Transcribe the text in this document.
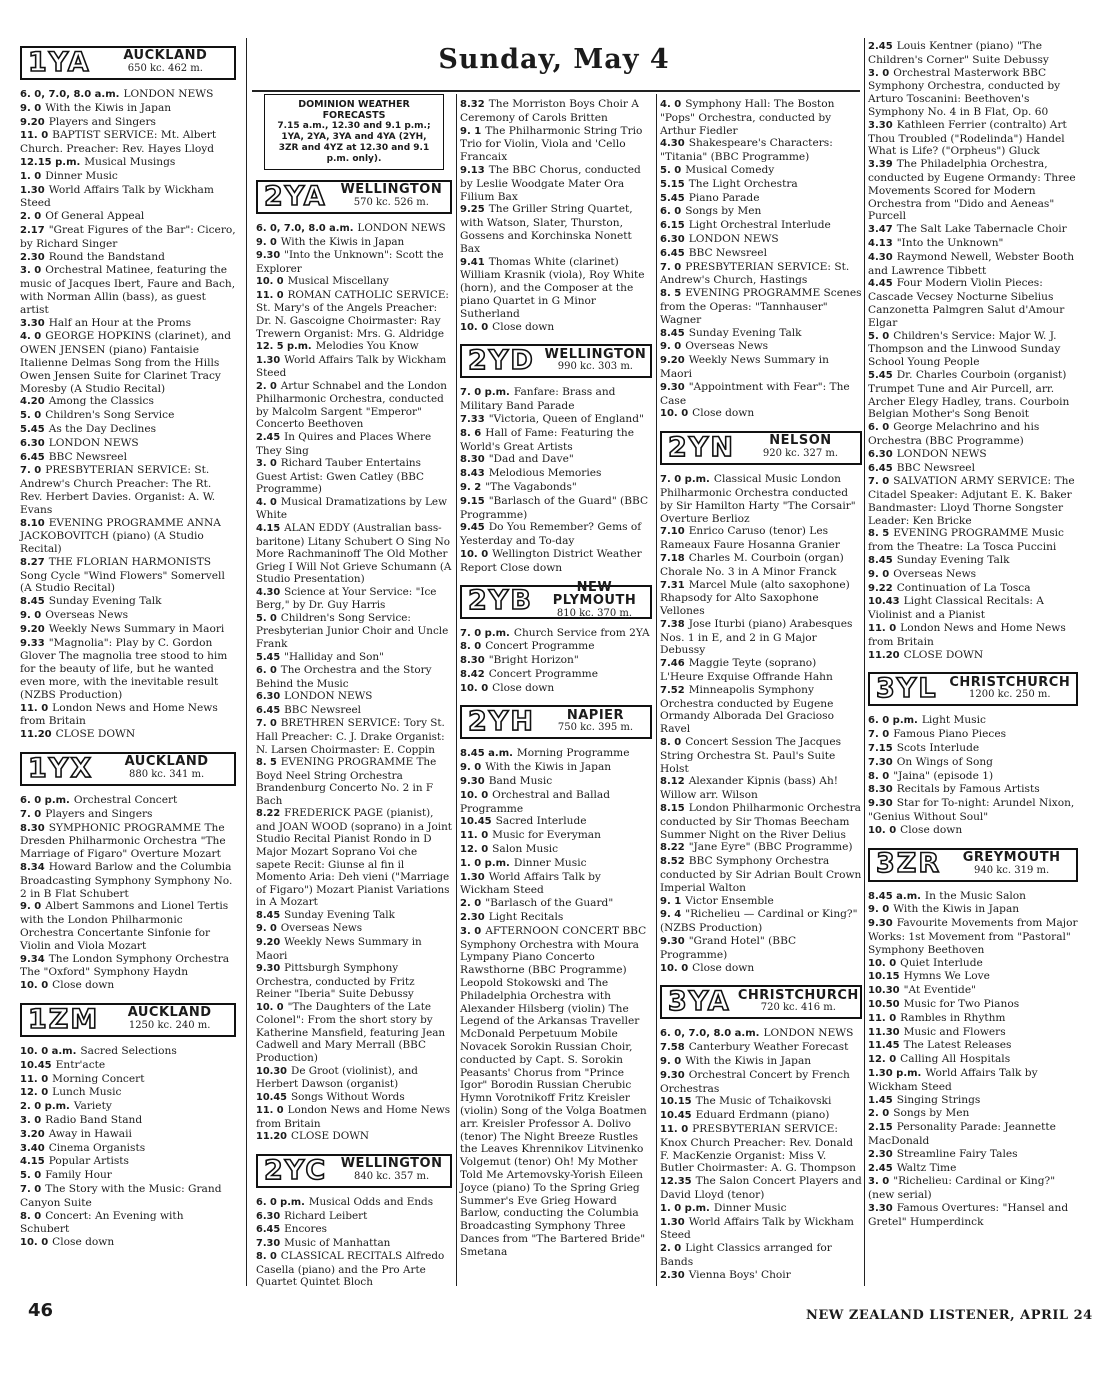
Sunday, May 4
1YA	AUCKLAND
650 kc. 462 m.

6. 0, 7.0, 8.0 a.m. LONDON NEWS

9. 0 With the Kiwis in Japan

9.20 Players and Singers

11. 0 BAPTIST SERVICE: Mt. Albert Church. Preacher: Rev. Hayes Lloyd

12.15 p.m. Musical Musings

1. 0 Dinner Music

1.30 World Affairs Talk by Wickham Steed

2. 0 Of General Appeal

2.17 "Great Figures of the Bar": Cicero, by Richard Singer

2.30 Round the Bandstand

3. 0 Orchestral Matinee, featuring the music of Jacques Ibert, Faure and Bach, with Norman Allin (bass), as guest artist

3.30 Half an Hour at the Proms

4. 0 GEORGE HOPKINS (clarinet), and OWEN JENSEN (piano) Fantaisie Italienne Delmas Song from the Hills Owen Jensen Suite for Clarinet Tracy Moresby (A Studio Recital)

4.20 Among the Classics

5. 0 Children's Song Service

5.45 As the Day Declines

6.30 LONDON NEWS

6.45 BBC Newsreel

7. 0 PRESBYTERIAN SERVICE: St. Andrew's Church Preacher: The Rt. Rev. Herbert Davies. Organist: A. W. Evans

8.10 EVENING PROGRAMME ANNA JACKOBOVITCH (piano) (A Studio Recital)

8.27 THE FLORIAN HARMONISTS Song Cycle "Wind Flowers" Somervell (A Studio Recital)

8.45 Sunday Evening Talk

9. 0 Overseas News

9.20 Weekly News Summary in Maori

9.33 "Magnolia": Play by C. Gordon Glover The magnolia tree stood to him for the beauty of life, but he wanted even more, with the inevitable result (NZBS Production)

11. 0 London News and Home News from Britain

11.20 CLOSE DOWN

1YX	AUCKLAND
880 kc. 341 m.

6. 0 p.m. Orchestral Concert

7. 0 Players and Singers

8.30 SYMPHONIC PROGRAMME The Dresden Philharmonic Orchestra "The Marriage of Figaro" Overture Mozart

8.34 Howard Barlow and the Columbia Broadcasting Symphony Symphony No. 2 in B Flat Schubert

9. 0 Albert Sammons and Lionel Tertis with the London Philharmonic Orchestra Concertante Sinfonie for Violin and Viola Mozart

9.34 The London Symphony Orchestra The "Oxford" Symphony Haydn

10. 0 Close down

1ZM	AUCKLAND
1250 kc. 240 m.

10. 0 a.m. Sacred Selections

10.45 Entr'acte

11. 0 Morning Concert

12. 0 Lunch Music

2. 0 p.m. Variety

3. 0 Radio Band Stand

3.20 Away in Hawaii

3.40 Cinema Organists

4.15 Popular Artists

5. 0 Family Hour

7. 0 The Story with the Music: Grand Canyon Suite

8. 0 Concert: An Evening with Schubert

10. 0 Close down

DOMINION WEATHER FORECASTS
7.15 a.m., 12.30 and 9.1 p.m.; 1YA, 2YA, 3YA and 4YA (2YH, 3ZR and 4YZ at 12.30 and 9.1 p.m. only).
2YA	WELLINGTON
570 kc. 526 m.

6. 0, 7.0, 8.0 a.m. LONDON NEWS

9. 0 With the Kiwis in Japan

9.30 "Into the Unknown": Scott the Explorer

10. 0 Musical Miscellany

11. 0 ROMAN CATHOLIC SERVICE: St. Mary's of the Angels Preacher: Dr. N. Gascoigne Choirmaster: Ray Trewern Organist: Mrs. G. Aldridge

12. 5 p.m. Melodies You Know

1.30 World Affairs Talk by Wickham Steed

2. 0 Artur Schnabel and the London Philharmonic Orchestra, conducted by Malcolm Sargent "Emperor" Concerto Beethoven

2.45 In Quires and Places Where They Sing

3. 0 Richard Tauber Entertains Guest Artist: Gwen Catley (BBC Programme)

4. 0 Musical Dramatizations by Lew White

4.15 ALAN EDDY (Australian bass-baritone) Litany Schubert O Sing No More Rachmaninoff The Old Mother Grieg I Will Not Grieve Schumann (A Studio Presentation)

4.30 Science at Your Service: "Ice Berg," by Dr. Guy Harris

5. 0 Children's Song Service: Presbyterian Junior Choir and Uncle Frank

5.45 "Halliday and Son"

6. 0 The Orchestra and the Story Behind the Music

6.30 LONDON NEWS

6.45 BBC Newsreel

7. 0 BRETHREN SERVICE: Tory St. Hall Preacher: C. J. Drake Organist: N. Larsen Choirmaster: E. Coppin

8. 5 EVENING PROGRAMME The Boyd Neel String Orchestra Brandenburg Concerto No. 2 in F Bach

8.22 FREDERICK PAGE (pianist), and JOAN WOOD (soprano) in a Joint Studio Recital Pianist Rondo in D Major Mozart Soprano Voi che sapete Recit: Giunse al fin il Momento Aria: Deh vieni ("Marriage of Figaro") Mozart Pianist Variations in A Mozart

8.45 Sunday Evening Talk

9. 0 Overseas News

9.20 Weekly News Summary in Maori

9.30 Pittsburgh Symphony Orchestra, conducted by Fritz Reiner "Iberia" Suite Debussy

10. 0 "The Daughters of the Late Colonel": From the short story by Katherine Mansfield, featuring Jean Cadwell and Mary Merrall (BBC Production)

10.30 De Groot (violinist), and Herbert Dawson (organist)

10.45 Songs Without Words

11. 0 London News and Home News from Britain

11.20 CLOSE DOWN

2YC	WELLINGTON
840 kc. 357 m.

6. 0 p.m. Musical Odds and Ends

6.30 Richard Leibert

6.45 Encores

7.30 Music of Manhattan

8. 0 CLASSICAL RECITALS Alfredo Casella (piano) and the Pro Arte Quartet Quintet Bloch

8.32 The Morriston Boys Choir A Ceremony of Carols Britten

9. 1 The Philharmonic String Trio Trio for Violin, Viola and 'Cello Francaix

9.13 The BBC Chorus, conducted by Leslie Woodgate Mater Ora Filium Bax

9.25 The Griller String Quartet, with Watson, Slater, Thurston, Gossens and Korchinska Nonett Bax

9.41 Thomas White (clarinet) William Krasnik (viola), Roy White (horn), and the Composer at the piano Quartet in G Minor Sutherland

10. 0 Close down

2YD WELLINGTON
990 kc. 303 m.

7. 0 p.m. Fanfare: Brass and Military Band Parade

7.33 "Victoria, Queen of England"

8. 6 Hall of Fame: Featuring the World's Great Artists

8.30 "Dad and Dave"

8.43 Melodious Memories

9. 2 "The Vagabonds"

9.15 "Barlasch of the Guard" (BBC Programme)

9.45 Do You Remember? Gems of Yesterday and To-day

10. 0 Wellington District Weather Report Close down

2YB	NEW PLYMOUTH
810 kc. 370 m.

7. 0 p.m. Church Service from 2YA

8. 0 Concert Programme

8.30 "Bright Horizon"

8.42 Concert Programme

10. 0 Close down

2YH	NAPIER
750 kc. 395 m.

8.45 a.m. Morning Programme

9. 0 With the Kiwis in Japan

9.30 Band Music

10. 0 Orchestral and Ballad Programme

10.45 Sacred Interlude

11. 0 Music for Everyman

12. 0 Salon Music

1. 0 p.m. Dinner Music

1.30 World Affairs Talk by Wickham Steed

2. 0 "Barlasch of the Guard"

2.30 Light Recitals

3. 0 AFTERNOON CONCERT BBC Symphony Orchestra with Moura Lympany Piano Concerto Rawsthorne (BBC Programme) Leopold Stokowski and The Philadelphia Orchestra with Alexander Hilsberg (violin) The Legend of the Arkansas Traveller McDonald Perpetuum Mobile Novacek Sorokin Russian Choir, conducted by Capt. S. Sorokin Peasants' Chorus from "Prince Igor" Borodin Russian Cherubic Hymn Vorotnikoff Fritz Kreisler (violin) Song of the Volga Boatmen arr. Kreisler Professor A. Dolivo (tenor) The Night Breeze Rustles the Leaves Khrennikov Litvinenko Volgemut (tenor) Oh! My Mother Told Me Artemovsky-Yorish Eileen Joyce (piano) To the Spring Grieg Summer's Eve Grieg Howard Barlow, conducting the Columbia Broadcasting Symphony Three Dances from "The Bartered Bride" Smetana

4. 0 Symphony Hall: The Boston "Pops" Orchestra, conducted by Arthur Fiedler

4.30 Shakespeare's Characters: "Titania" (BBC Programme)

5. 0 Musical Comedy

5.15 The Light Orchestra

5.45 Piano Parade

6. 0 Songs by Men

6.15 Light Orchestral Interlude

6.30 LONDON NEWS

6.45 BBC Newsreel

7. 0 PRESBYTERIAN SERVICE: St. Andrew's Church, Hastings

8. 5 EVENING PROGRAMME Scenes from the Operas: "Tannhauser" Wagner

8.45 Sunday Evening Talk

9. 0 Overseas News

9.20 Weekly News Summary in Maori

9.30 "Appointment with Fear": The Case

10. 0 Close down

2YN	NELSON
920 kc. 327 m.

7. 0 p.m. Classical Music London Philharmonic Orchestra conducted by Sir Hamilton Harty "The Corsair" Overture Berlioz

7.10 Enrico Caruso (tenor) Les Rameaux Faure Hosanna Granier

7.18 Charles M. Courboin (organ) Chorale No. 3 in A Minor Franck

7.31 Marcel Mule (alto saxophone) Rhapsody for Alto Saxophone Vellones

7.38 Jose Iturbi (piano) Arabesques Nos. 1 in E, and 2 in G Major Debussy

7.46 Maggie Teyte (soprano) L'Heure Exquise Offrande Hahn

7.52 Minneapolis Symphony Orchestra conducted by Eugene Ormandy Alborada Del Gracioso Ravel

8. 0 Concert Session The Jacques String Orchestra St. Paul's Suite Holst

8.12 Alexander Kipnis (bass) Ah! Willow arr. Wilson

8.15 London Philharmonic Orchestra conducted by Sir Thomas Beecham Summer Night on the River Delius

8.22 "Jane Eyre" (BBC Programme)

8.52 BBC Symphony Orchestra conducted by Sir Adrian Boult Crown Imperial Walton

9. 1 Victor Ensemble

9. 4 "Richelieu — Cardinal or King?" (NZBS Production)

9.30 "Grand Hotel" (BBC Programme)

10. 0 Close down

3YA CHRISTCHURCH
720 kc. 416 m.

6. 0, 7.0, 8.0 a.m. LONDON NEWS

7.58 Canterbury Weather Forecast

9. 0 With the Kiwis in Japan

9.30 Orchestral Concert by French Orchestras

10.15 The Music of Tchaikovski

10.45 Eduard Erdmann (piano)

11. 0 PRESBYTERIAN SERVICE: Knox Church Preacher: Rev. Donald F. MacKenzie Organist: Miss V. Butler Choirmaster: A. G. Thompson

12.35 The Salon Concert Players and David Lloyd (tenor)

1. 0 p.m. Dinner Music

1.30 World Affairs Talk by Wickham Steed

2. 0 Light Classics arranged for Bands

2.30 Vienna Boys' Choir

2.45 Louis Kentner (piano) "The Children's Corner" Suite Debussy

3. 0 Orchestral Masterwork BBC Symphony Orchestra, conducted by Arturo Toscanini: Beethoven's Symphony No. 4 in B Flat, Op. 60

3.30 Kathleen Ferrier (contralto) Art Thou Troubled ("Rodelinda") Handel What is Life? ("Orpheus") Gluck

3.39 The Philadelphia Orchestra, conducted by Eugene Ormandy: Three Movements Scored for Modern Orchestra from "Dido and Aeneas" Purcell

3.47 The Salt Lake Tabernacle Choir

4.13 "Into the Unknown"

4.30 Raymond Newell, Webster Booth and Lawrence Tibbett

4.45 Four Modern Violin Pieces: Cascade Vecsey Nocturne Sibelius Canzonetta Palmgren Salut d'Amour Elgar

5. 0 Children's Service: Major W. J. Thompson and the Linwood Sunday School Young People

5.45 Dr. Charles Courboin (organist) Trumpet Tune and Air Purcell, arr. Archer Elegy Hadley, trans. Courboin Belgian Mother's Song Benoit

6. 0 George Melachrino and his Orchestra (BBC Programme)

6.30 LONDON NEWS

6.45 BBC Newsreel

7. 0 SALVATION ARMY SERVICE: The Citadel Speaker: Adjutant E. K. Baker Bandmaster: Lloyd Thorne Songster Leader: Ken Bricke

8. 5 EVENING PROGRAMME Music from the Theatre: La Tosca Puccini

8.45 Sunday Evening Talk

9. 0 Overseas News

9.22 Continuation of La Tosca

10.43 Light Classical Recitals: A Violinist and a Pianist

11. 0 London News and Home News from Britain

11.20 CLOSE DOWN

3YL CHRISTCHURCH
1200 kc. 250 m.

6. 0 p.m. Light Music

7. 0 Famous Piano Pieces

7.15 Scots Interlude

7.30 On Wings of Song

8. 0 "Jaina" (episode 1)

8.30 Recitals by Famous Artists

9.30 Star for To-night: Arundel Nixon, "Genius Without Soul"

10. 0 Close down

3ZR	GREYMOUTH
940 kc. 319 m.

8.45 a.m. In the Music Salon

9. 0 With the Kiwis in Japan

9.30 Favourite Movements from Major Works: 1st Movement from "Pastoral" Symphony Beethoven

10. 0 Quiet Interlude

10.15 Hymns We Love

10.30 "At Eventide"

10.50 Music for Two Pianos

11. 0 Rambles in Rhythm

11.30 Music and Flowers

11.45 The Latest Releases

12. 0 Calling All Hospitals

1.30 p.m. World Affairs Talk by Wickham Steed

1.45 Singing Strings

2. 0 Songs by Men

2.15 Personality Parade: Jeannette MacDonald

2.30 Streamline Fairy Tales

2.45 Waltz Time

3. 0 "Richelieu: Cardinal or King?" (new serial)

3.30 Famous Overtures: "Hansel and Gretel" Humperdinck

46	NEW ZEALAND LISTENER, APRIL 24
